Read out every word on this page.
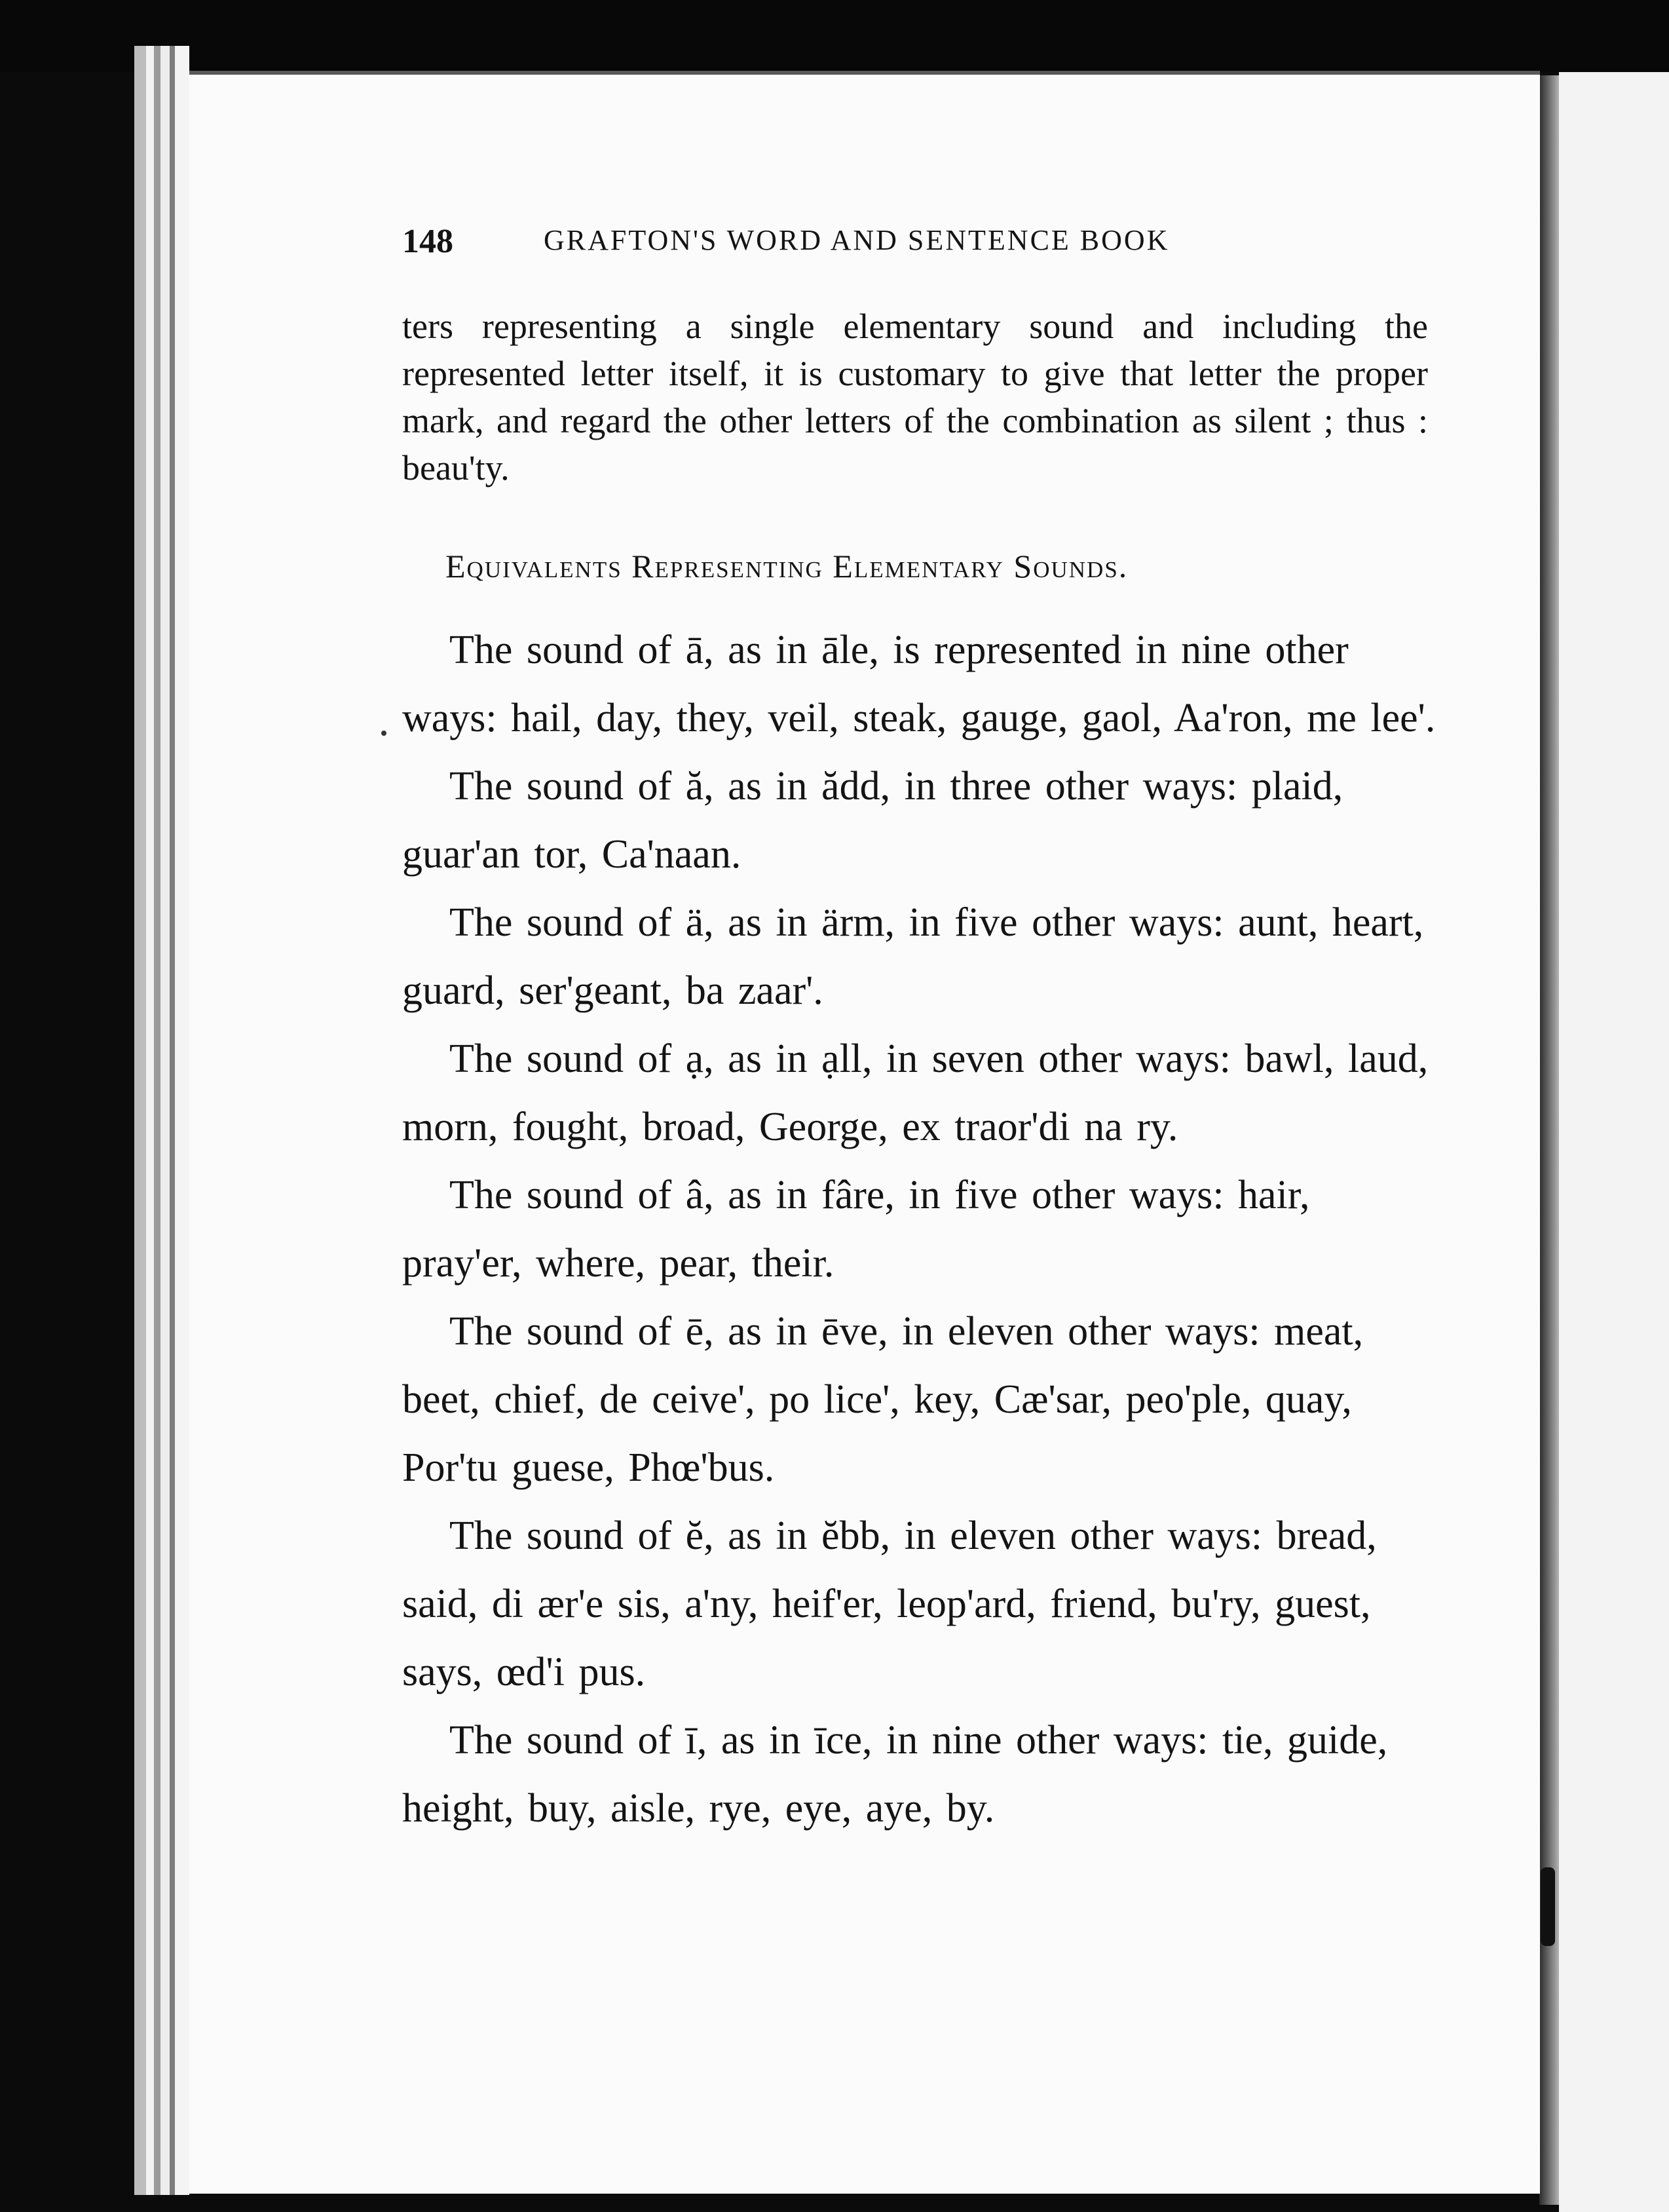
148	GRAFTON'S WORD AND SENTENCE BOOK

ters representing a single elementary sound and including the represented letter itself, it is customary to give that letter the proper mark, and regard the other letters of the combination as silent ; thus : beau'ty.

Equivalents Representing Elementary Sounds.

The sound of ā, as in āle, is represented in nine other ways: hail, day, they, veil, steak, gauge, gaol, Aa'ron, me lee'.

The sound of ă, as in ădd, in three other ways: plaid, guar'an tor, Ca'naan.

The sound of ä, as in ärm, in five other ways: aunt, heart, guard, ser'geant, ba zaar'.

The sound of ạ, as in ạll, in seven other ways: bawl, laud, morn, fought, broad, George, ex traor'di na ry.

The sound of â, as in fâre, in five other ways: hair, pray'er, where, pear, their.

The sound of ē, as in ēve, in eleven other ways: meat, beet, chief, de ceive', po lice', key, Cæ'sar, peo'ple, quay, Por'tu guese, Phœ'bus.

The sound of ĕ, as in ĕbb, in eleven other ways: bread, said, di ær'e sis, a'ny, heif'er, leop'ard, friend, bu'ry, guest, says, œd'i pus.

The sound of ī, as in īce, in nine other ways: tie, guide, height, buy, aisle, rye, eye, aye, by.
